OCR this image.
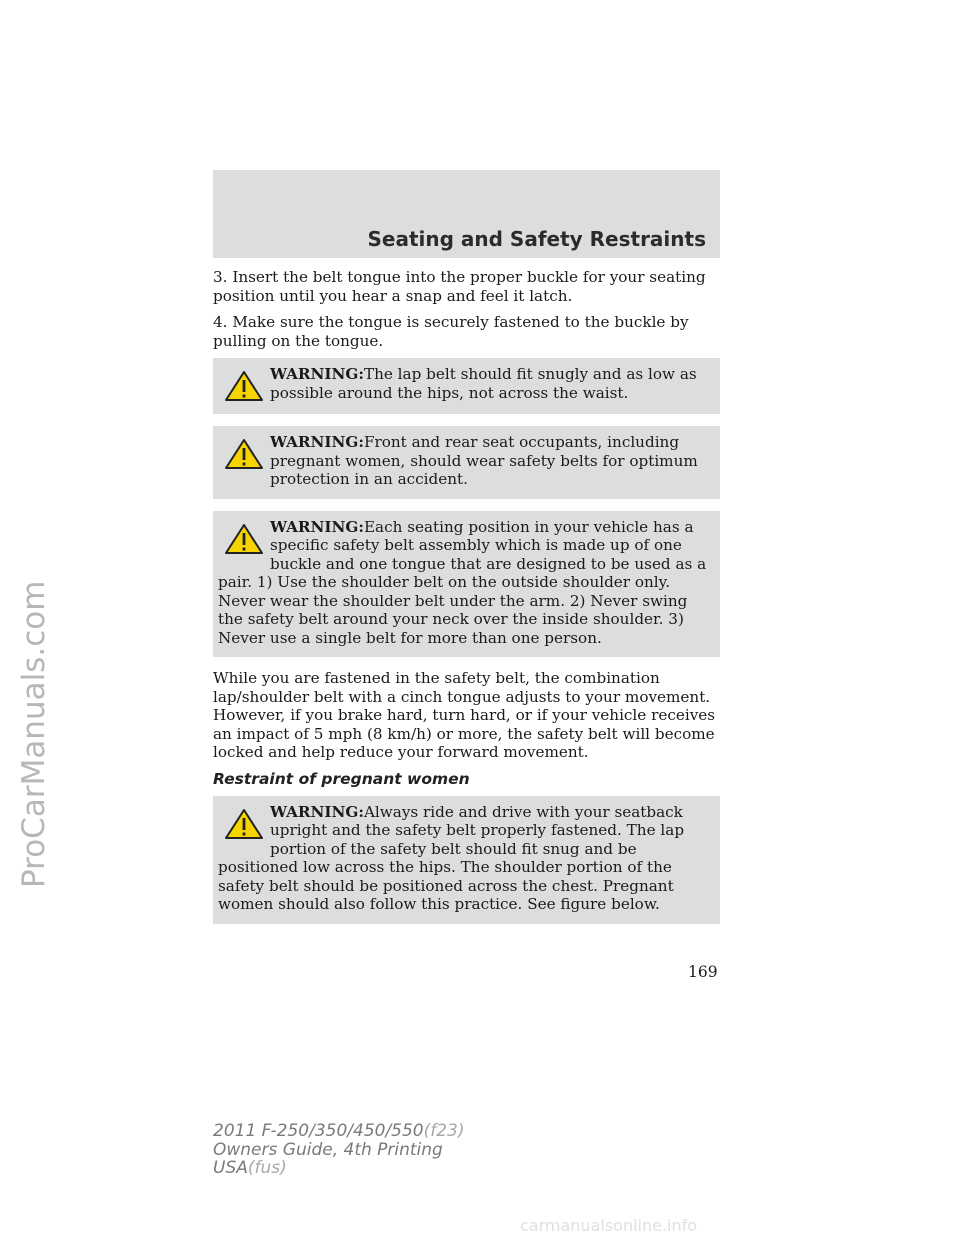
ProCarManuals.com
Seating and Safety Restraints

3. Insert the belt tongue into the proper buckle for your seating position until you hear a snap and feel it latch.

4. Make sure the tongue is securely fastened to the buckle by pulling on the tongue.

WARNING:The lap belt should fit snugly and as low as possible around the hips, not across the waist.
WARNING:Front and rear seat occupants, including pregnant women, should wear safety belts for optimum protection in an accident.
WARNING:Each seating position in your vehicle has a specific safety belt assembly which is made up of one buckle and one tongue that are designed to be used as a pair. 1) Use the shoulder belt on the outside shoulder only. Never wear the shoulder belt under the arm. 2) Never swing the safety belt around your neck over the inside shoulder. 3) Never use a single belt for more than one person.

While you are fastened in the safety belt, the combination lap/shoulder belt with a cinch tongue adjusts to your movement. However, if you brake hard, turn hard, or if your vehicle receives an impact of 5 mph (8 km/h) or more, the safety belt will become locked and help reduce your forward movement.

Restraint of pregnant women
WARNING:Always ride and drive with your seatback upright and the safety belt properly fastened. The lap portion of the safety belt should fit snug and be positioned low across the hips. The shoulder portion of the safety belt should be positioned across the chest. Pregnant women should also follow this practice. See figure below.
169
2011 F-250/350/450/550(f23)
Owners Guide, 4th Printing
USA(fus)
carmanualsonline.info
